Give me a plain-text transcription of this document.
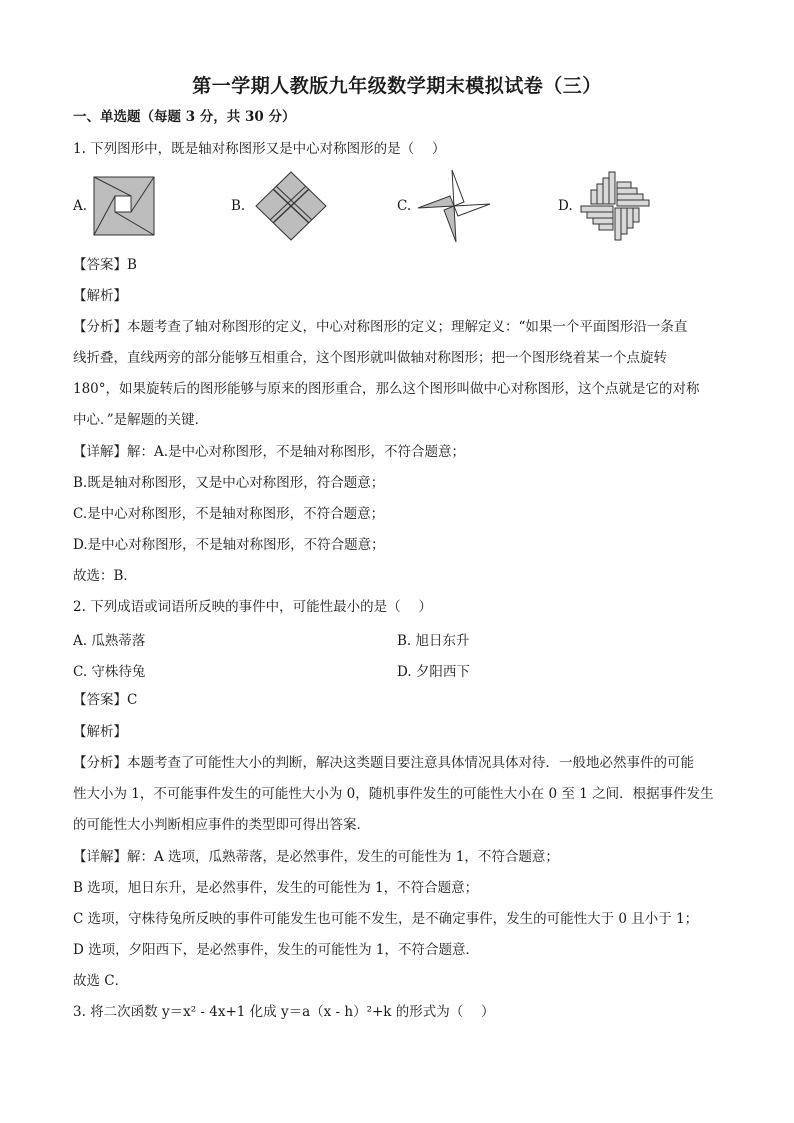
第一学期人教版九年级数学期末模拟试卷（三）
一、单选题（每题 3 分，共 30 分）
1. 下列图形中，既是轴对称图形又是中心对称图形的是（　 ）
A.	B.	C.	D.
【答案】B
【解析】
【分析】本题考查了轴对称图形的定义，中心对称图形的定义；理解定义：“如果一个平面图形沿一条直
线折叠，直线两旁的部分能够互相重合，这个图形就叫做轴对称图形；把一个图形绕着某一个点旋转
180°，如果旋转后的图形能够与原来的图形重合，那么这个图形叫做中心对称图形，这个点就是它的对称
中心．”是解题的关键．
【详解】解：A.是中心对称图形，不是轴对称图形，不符合题意；
B.既是轴对称图形，又是中心对称图形，符合题意；
C.是中心对称图形，不是轴对称图形，不符合题意；
D.是中心对称图形，不是轴对称图形，不符合题意；
故选：B．
2. 下列成语或词语所反映的事件中，可能性最小的是（　 ）
A. 瓜熟蒂落	B. 旭日东升
C. 守株待兔	D. 夕阳西下
【答案】C
【解析】
【分析】本题考查了可能性大小的判断，解决这类题目要注意具体情况具体对待．一般地必然事件的可能
性大小为 1，不可能事件发生的可能性大小为 0，随机事件发生的可能性大小在 0 至 1 之间．根据事件发生
的可能性大小判断相应事件的类型即可得出答案．
【详解】解：A 选项，瓜熟蒂落，是必然事件，发生的可能性为 1，不符合题意；
B 选项，旭日东升，是必然事件，发生的可能性为 1，不符合题意；
C 选项，守株待兔所反映的事件可能发生也可能不发生，是不确定事件，发生的可能性大于 0 且小于 1；
D 选项，夕阳西下，是必然事件，发生的可能性为 1，不符合题意．
故选 C．
3. 将二次函数 y＝x² - 4x+1 化成 y＝a（x - h）²+k 的形式为（　 ）
